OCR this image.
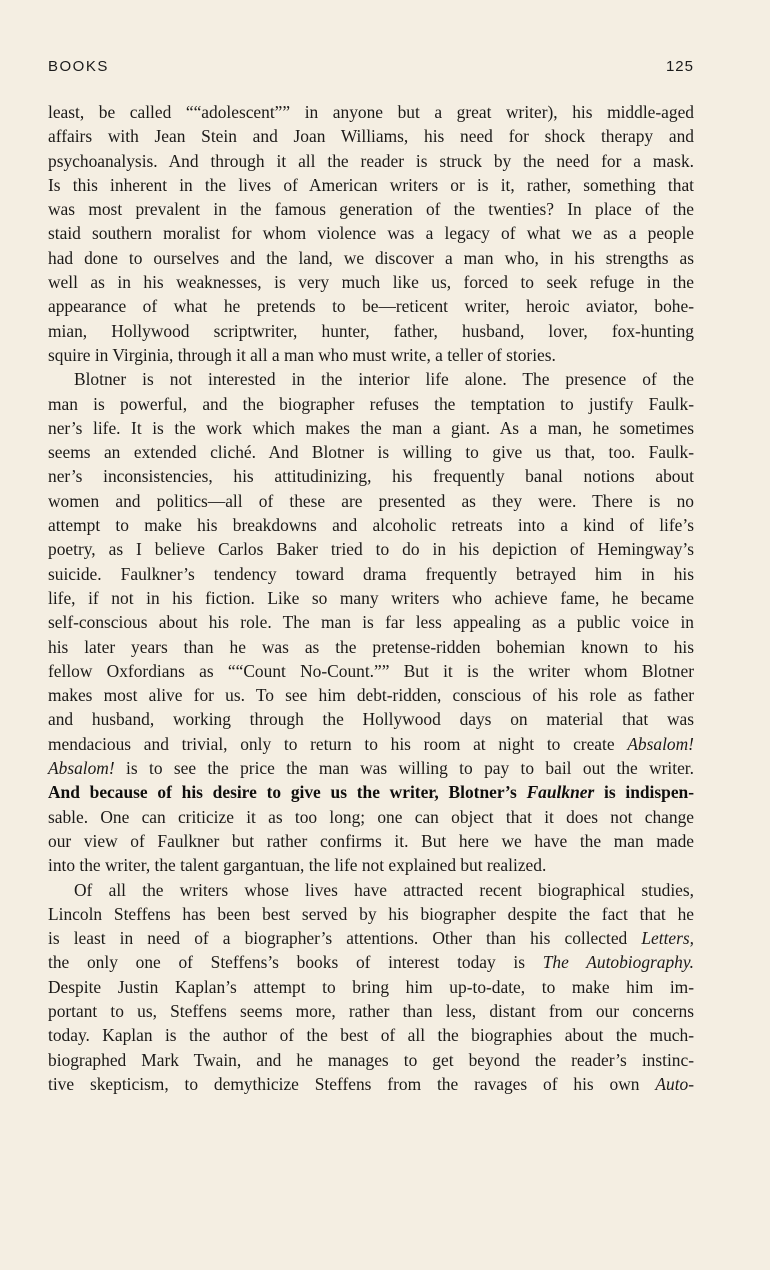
BOOKS	125
least, be called ““adolescent”” in anyone but a great writer), his middle-aged
affairs with Jean Stein and Joan Williams, his need for shock therapy and
psychoanalysis. And through it all the reader is struck by the need for a mask.
Is this inherent in the lives of American writers or is it, rather, something that
was most prevalent in the famous generation of the twenties? In place of the
staid southern moralist for whom violence was a legacy of what we as a people
had done to ourselves and the land, we discover a man who, in his strengths as
well as in his weaknesses, is very much like us, forced to seek refuge in the
appearance of what he pretends to be—reticent writer, heroic aviator, bohe-
mian, Hollywood scriptwriter, hunter, father, husband, lover, fox-hunting
squire in Virginia, through it all a man who must write, a teller of stories.
Blotner is not interested in the interior life alone. The presence of the
man is powerful, and the biographer refuses the temptation to justify Faulk-
ner’s life. It is the work which makes the man a giant. As a man, he sometimes
seems an extended cliché. And Blotner is willing to give us that, too. Faulk-
ner’s inconsistencies, his attitudinizing, his frequently banal notions about
women and politics—all of these are presented as they were. There is no
attempt to make his breakdowns and alcoholic retreats into a kind of life’s
poetry, as I believe Carlos Baker tried to do in his depiction of Hemingway’s
suicide. Faulkner’s tendency toward drama frequently betrayed him in his
life, if not in his fiction. Like so many writers who achieve fame, he became
self-conscious about his role. The man is far less appealing as a public voice in
his later years than he was as the pretense-ridden bohemian known to his
fellow Oxfordians as ““Count No-Count.”” But it is the writer whom Blotner
makes most alive for us. To see him debt-ridden, conscious of his role as father
and husband, working through the Hollywood days on material that was
mendacious and trivial, only to return to his room at night to create Absalom!
Absalom! is to see the price the man was willing to pay to bail out the writer.
And because of his desire to give us the writer, Blotner’s Faulkner is indispen-
sable. One can criticize it as too long; one can object that it does not change
our view of Faulkner but rather confirms it. But here we have the man made
into the writer, the talent gargantuan, the life not explained but realized.
Of all the writers whose lives have attracted recent biographical studies,
Lincoln Steffens has been best served by his biographer despite the fact that he
is least in need of a biographer’s attentions. Other than his collected Letters,
the only one of Steffens’s books of interest today is The Autobiography.
Despite Justin Kaplan’s attempt to bring him up-to-date, to make him im-
portant to us, Steffens seems more, rather than less, distant from our concerns
today. Kaplan is the author of the best of all the biographies about the much-
biographed Mark Twain, and he manages to get beyond the reader’s instinc-
tive skepticism, to demythicize Steffens from the ravages of his own Auto-
